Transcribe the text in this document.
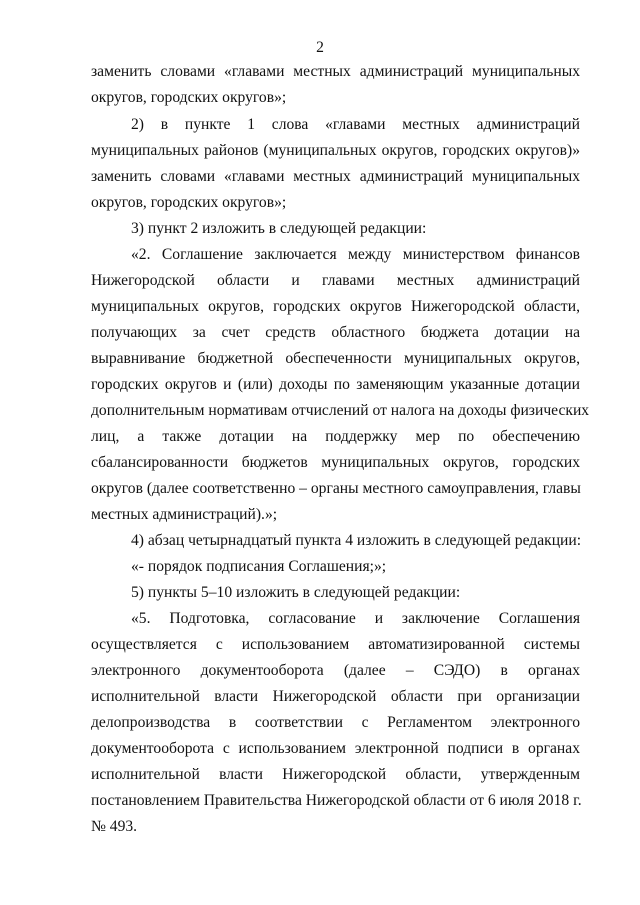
2
заменить словами «главами местных администраций муниципальных
округов, городских округов»;
2) в пункте 1 слова «главами местных администраций
муниципальных районов (муниципальных округов, городских округов)»
заменить словами «главами местных администраций муниципальных
округов, городских округов»;
3) пункт 2 изложить в следующей редакции:
«2. Соглашение заключается между министерством финансов
Нижегородской области и главами местных администраций
муниципальных округов, городских округов Нижегородской области,
получающих за счет средств областного бюджета дотации на
выравнивание бюджетной обеспеченности муниципальных округов,
городских округов и (или) доходы по заменяющим указанные дотации
дополнительным нормативам отчислений от налога на доходы физических
лиц, а также дотации на поддержку мер по обеспечению
сбалансированности бюджетов муниципальных округов, городских
округов (далее соответственно – органы местного самоуправления, главы
местных администраций).»;
4) абзац четырнадцатый пункта 4 изложить в следующей редакции:
«- порядок подписания Соглашения;»;
5) пункты 5–10 изложить в следующей редакции:
«5. Подготовка, согласование и заключение Соглашения
осуществляется с использованием автоматизированной системы
электронного документооборота (далее – СЭДО) в органах
исполнительной власти Нижегородской области при организации
делопроизводства в соответствии с Регламентом электронного
документооборота с использованием электронной подписи в органах
исполнительной власти Нижегородской области, утвержденным
постановлением Правительства Нижегородской области от 6 июля 2018 г.
№ 493.
